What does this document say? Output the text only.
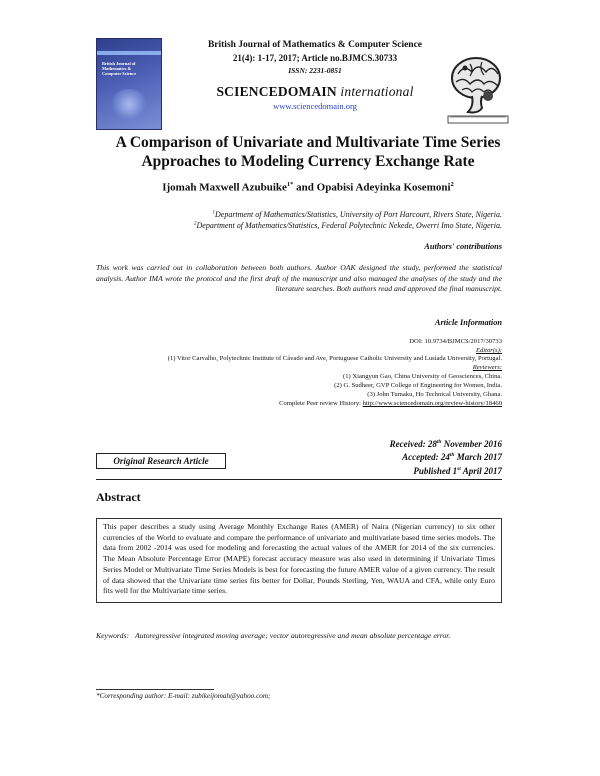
British Journal of Mathematics & Computer Science
British Journal of Mathematics & Computer Science
21(4): 1-17, 2017; Article no.BJMCS.30733
ISSN: 2231-0851
SCIENCEDOMAIN international
www.sciencedomain.org
A Comparison of Univariate and Multivariate Time Series
Approaches to Modeling Currency Exchange Rate
Ijomah Maxwell Azubuike$^{1*}$ and Opabisi Adeyinka Kosemoni$^2$
$^1$Department of Mathematics/Statistics, University of Port Harcourt, Rivers State, Nigeria.
$^2$Department of Mathematics/Statistics, Federal Polytechnic Nekede, Owerri Imo State, Nigeria.
Authors' contributions
This work was carried out in collaboration between both authors. Author OAK designed the study, performed the statistical analysis. Author IMA wrote the protocol and the first draft of the manuscript and also managed the analyses of the study and the literature searches. Both authors read and approved the final manuscript.
Article Information
DOI: 10.9734/BJMCS/2017/30733
Editor(s):
(1) Vitor Carvalho, Polytechnic Institute of Cávado and Ave, Portuguese Catholic University and Lusíada University, Portugal.
Reviewers:
(1) Xiangyun Gao, China University of Geosciences, China.
(2) G. Sudheer, GVP College of Engineering for Women, India.
(3) John Tumaku, Ho Technical University, Ghana.
Complete Peer review History: http://www.sciencedomain.org/review-history/18460
Received: 28th November 2016
Accepted: 24th March 2017
Published 1st April 2017
Original Research Article
Abstract
This paper describes a study using Average Monthly Exchange Rates (AMER) of Naira (Nigerian currency) to six other currencies of the World to evaluate and compare the performance of univariate and multivariate based time series models. The data from 2002 -2014 was used for modeling and forecasting the actual values of the AMER for 2014 of the six currencies. The Mean Absolute Percentage Error (MAPE) forecast accuracy measure was also used in determining if Univariate Times Series Model or Multivariate Time Series Models is best for forecasting the future AMER value of a given currency. The result of data showed that the Univariate time series fits better for Dollar, Pounds Sterling, Yen, WAUA and CFA, while only Euro fits well for the Multivariate time series.
Keywords: Autoregressive integrated moving average; vector autoregressive and mean absolute percentage error.
*Corresponding author: E-mail: zubikeijomah@yahoo.com;
